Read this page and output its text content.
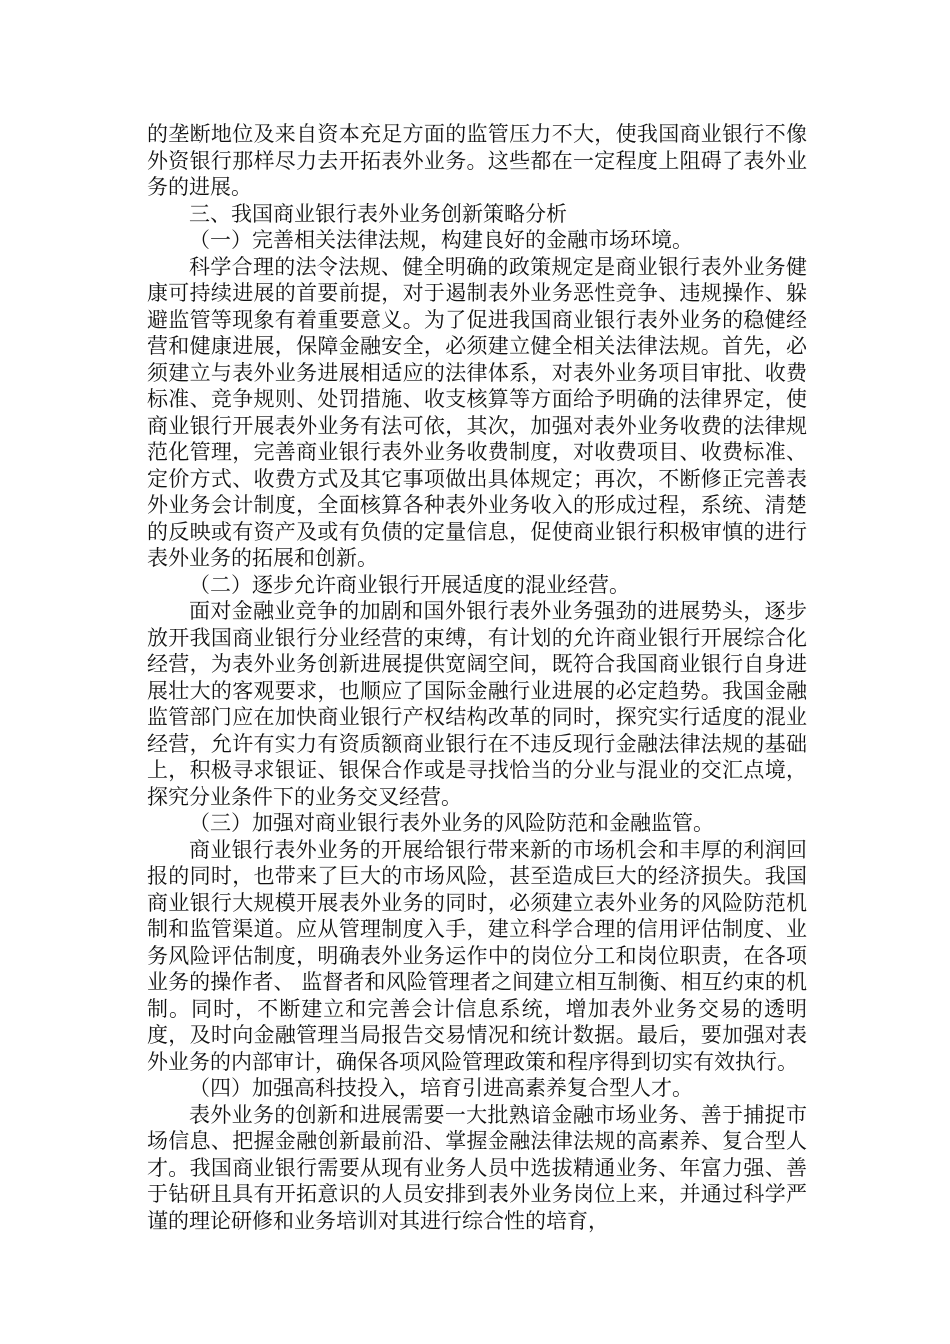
的垄断地位及来自资本充足方面的监管压力不大，使我国商业银行不像外资银行那样尽力去开拓表外业务。这些都在一定程度上阻碍了表外业务的进展。

三、我国商业银行表外业务创新策略分析

（一）完善相关法律法规，构建良好的金融市场环境。

科学合理的法令法规、健全明确的政策规定是商业银行表外业务健康可持续进展的首要前提，对于遏制表外业务恶性竞争、违规操作、躲避监管等现象有着重要意义。为了促进我国商业银行表外业务的稳健经营和健康进展，保障金融安全，必须建立健全相关法律法规。首先，必须建立与表外业务进展相适应的法律体系，对表外业务项目审批、收费标准、竞争规则、处罚措施、收支核算等方面给予明确的法律界定，使商业银行开展表外业务有法可依，其次，加强对表外业务收费的法律规范化管理，完善商业银行表外业务收费制度，对收费项目、收费标准、定价方式、收费方式及其它事项做出具体规定；再次，不断修正完善表外业务会计制度，全面核算各种表外业务收入的形成过程，系统、清楚的反映或有资产及或有负债的定量信息，促使商业银行积极审慎的进行表外业务的拓展和创新。

（二）逐步允许商业银行开展适度的混业经营。

面对金融业竞争的加剧和国外银行表外业务强劲的进展势头，逐步放开我国商业银行分业经营的束缚，有计划的允许商业银行开展综合化经营，为表外业务创新进展提供宽阔空间，既符合我国商业银行自身进展壮大的客观要求，也顺应了国际金融行业进展的必定趋势。我国金融监管部门应在加快商业银行产权结构改革的同时，探究实行适度的混业经营，允许有实力有资质额商业银行在不违反现行金融法律法规的基础上，积极寻求银证、银保合作或是寻找恰当的分业与混业的交汇点境，探究分业条件下的业务交叉经营。

（三）加强对商业银行表外业务的风险防范和金融监管。

商业银行表外业务的开展给银行带来新的市场机会和丰厚的利润回报的同时，也带来了巨大的市场风险，甚至造成巨大的经济损失。我国商业银行大规模开展表外业务的同时，必须建立表外业务的风险防范机制和监管渠道。应从管理制度入手，建立科学合理的信用评估制度、业务风险评估制度，明确表外业务运作中的岗位分工和岗位职责，在各项业务的操作者、 监督者和风险管理者之间建立相互制衡、相互约束的机制。同时，不断建立和完善会计信息系统，增加表外业务交易的透明度，及时向金融管理当局报告交易情况和统计数据。最后，要加强对表外业务的内部审计，确保各项风险管理政策和程序得到切实有效执行。

（四）加强高科技投入，培育引进高素养复合型人才。

表外业务的创新和进展需要一大批熟谙金融市场业务、善于捕捉市场信息、把握金融创新最前沿、掌握金融法律法规的高素养、复合型人才。我国商业银行需要从现有业务人员中选拔精通业务、年富力强、善于钻研且具有开拓意识的人员安排到表外业务岗位上来，并通过科学严谨的理论研修和业务培训对其进行综合性的培育，
